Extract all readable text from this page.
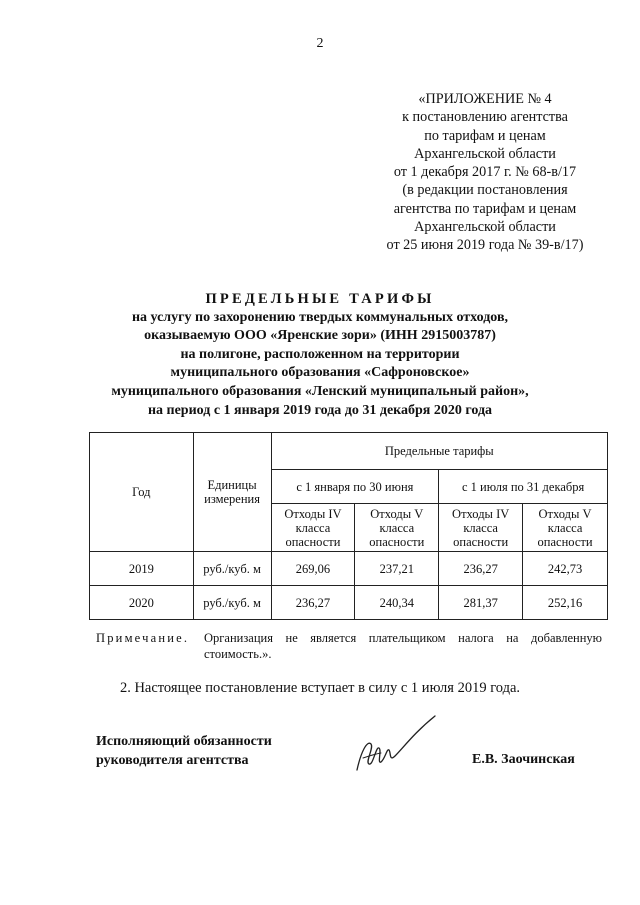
2
«ПРИЛОЖЕНИЕ № 4
к постановлению агентства
по тарифам и ценам
Архангельской области
от 1 декабря 2017 г. № 68-в/17
(в редакции постановления
агентства по тарифам и ценам
Архангельской области
от 25 июня 2019 года № 39-в/17)
ПРЕДЕЛЬНЫЕ ТАРИФЫ
на услугу по захоронению твердых коммунальных отходов,
оказываемую ООО «Яренские зори» (ИНН 2915003787)
на полигоне, расположенном на территории
муниципального образования «Сафроновское»
муниципального образования «Ленский муниципальный район»,
на период с 1 января 2019 года до 31 декабря 2020 года
Год	Единицы измерения	Предельные тарифы			
		с 1 января по 30 июня		с 1 июля по 31 декабря	
		Отходы IV класса опасности	Отходы V класса опасности	Отходы IV класса опасности	Отходы V класса опасности
2019	руб./куб. м	269,06	237,21	236,27	242,73
2020	руб./куб. м	236,27	240,34	281,37	252,16
Примечание. Организация не является плательщиком налога на добавленную стоимость.».
2. Настоящее постановление вступает в силу с 1 июля 2019 года.
Исполняющий обязанности
руководителя агентства	Е.В. Заочинская
